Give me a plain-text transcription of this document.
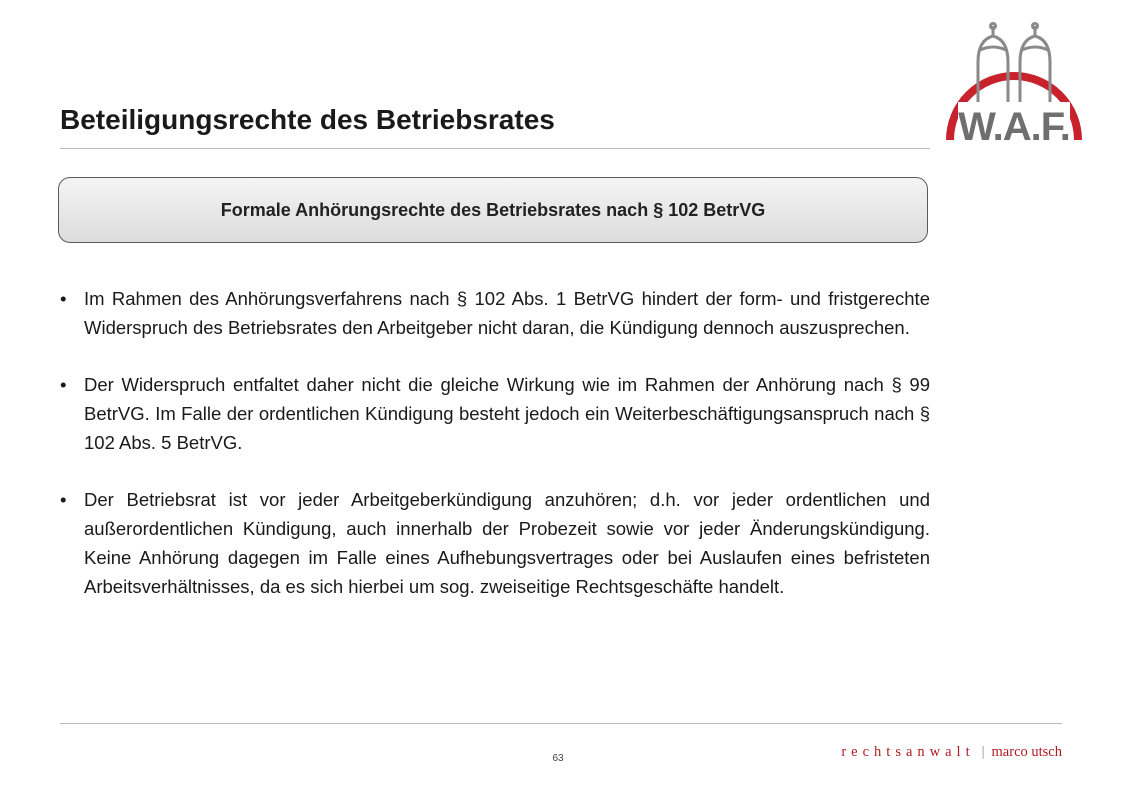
Beteiligungsrechte des Betriebsrates	W.A.F.
Formale Anhörungsrechte des Betriebsrates nach § 102 BetrVG
• Im Rahmen des Anhörungsverfahrens nach § 102 Abs. 1 BetrVG hindert der form- und fristgerechte Widerspruch des Betriebsrates den Arbeitgeber nicht daran, die Kündigung dennoch auszusprechen.
• Der Widerspruch entfaltet daher nicht die gleiche Wirkung wie im Rahmen der Anhörung nach § 99 BetrVG. Im Falle der ordentlichen Kündigung besteht jedoch ein Weiterbeschäftigungsanspruch nach § 102 Abs. 5 BetrVG.
• Der Betriebsrat ist vor jeder Arbeitgeberkündigung anzuhören; d.h. vor jeder ordentlichen und außerordentlichen Kündigung, auch innerhalb der Probezeit sowie vor jeder Änderungskündigung. Keine Anhörung dagegen im Falle eines Aufhebungsvertrages oder bei Auslaufen eines befristeten Arbeitsverhältnisses, da es sich hierbei um sog. zweiseitige Rechtsgeschäfte handelt.
63	rechtsanwalt | marco utsch
